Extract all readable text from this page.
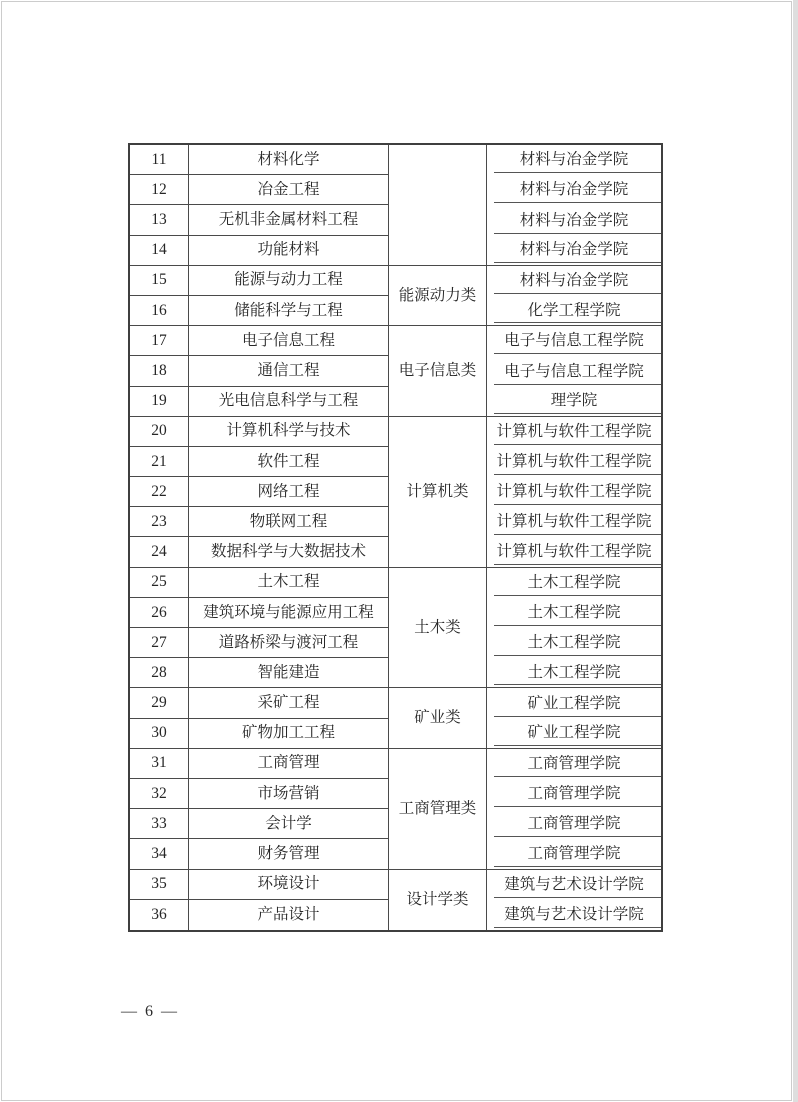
11	材料化学		材料与冶金学院
12	冶金工程		材料与冶金学院
13	无机非金属材料工程		材料与冶金学院
14	功能材料		材料与冶金学院
15	能源与动力工程	能源动力类	材料与冶金学院
16	储能科学与工程		化学工程学院
17	电子信息工程	电子信息类	电子与信息工程学院
18	通信工程		电子与信息工程学院
19	光电信息科学与工程		理学院
20	计算机科学与技术	计算机类	计算机与软件工程学院
21	软件工程		计算机与软件工程学院
22	网络工程		计算机与软件工程学院
23	物联网工程		计算机与软件工程学院
24	数据科学与大数据技术		计算机与软件工程学院
25	土木工程	土木类	土木工程学院
26	建筑环境与能源应用工程		土木工程学院
27	道路桥梁与渡河工程		土木工程学院
28	智能建造		土木工程学院
29	采矿工程	矿业类	矿业工程学院
30	矿物加工工程		矿业工程学院
31	工商管理	工商管理类	工商管理学院
32	市场营销		工商管理学院
33	会计学		工商管理学院
34	财务管理		工商管理学院
35	环境设计	设计学类	建筑与艺术设计学院
36	产品设计		建筑与艺术设计学院
— 6 —
